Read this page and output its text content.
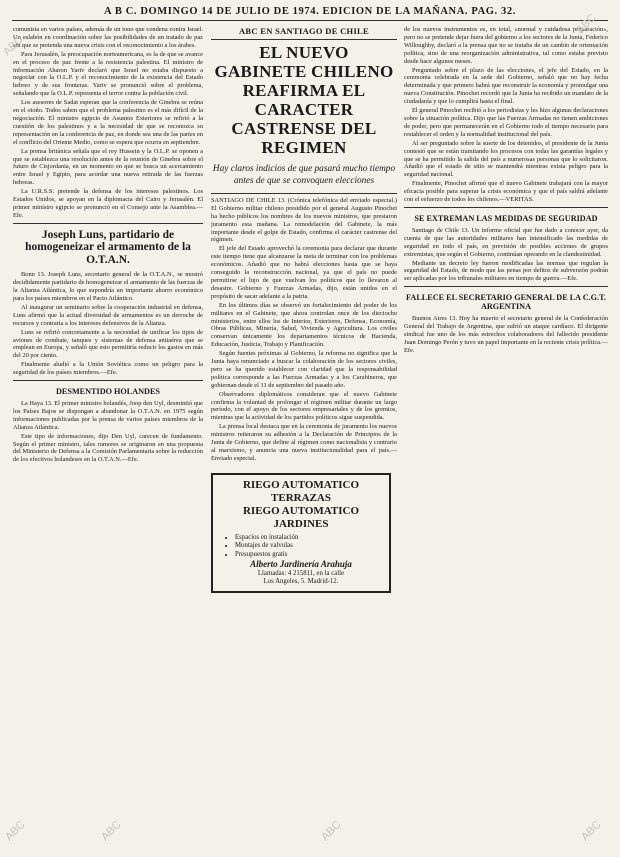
A B C. DOMINGO 14 DE JULIO DE 1974. EDICION DE LA MAÑANA. PAG. 32.

comunista en varios países, además de un tono que condena contra Israel. Un eslabón en coordinación sobre las posibilidades de un tratado de paz sin que se pretenda una nueva crisis con el reconocimiento a los árabes.

Para Jerusalén, la preocupación norteamericana, es la de que se avance en el proceso de paz frente a la resistencia palestina. El ministro de información Aharon Yariv declaró que Israel no estaba dispuesto a negociar con la O.L.P. y el reconocimiento de la existencia del Estado hebreo y de sus fronteras. Yariv se pronunció sobre el problema, señalando que la O.L.P. representa el terror contra la población civil.

Los asesores de Sadat esperan que la conferencia de Ginebra se reúna en el otoño. Todos saben que el problema palestino es el más difícil de la negociación. El ministro egipcio de Asuntos Exteriores se refirió a la cuestión de los palestinos y a la necesidad de que se reconozca su representación en la conferencia de paz, en donde sea una de las partes en el conflicto del Oriente Medio, como se espera que ocurra en septiembre.

La prensa británica señala que el rey Hussein y la O.L.P. se oponen a que se establezca una resolución antes de la reunión de Ginebra sobre el futuro de Cisjordania, en un momento en que se busca un acercamiento entre Israel y Egipto, para acordar una nueva retirada de las fuerzas hebreas.

La U.R.S.S. pretende la defensa de los intereses palestinos. Los Estados Unidos, se apoyan en la diplomacia del Cairo y Jerusalén. El primer ministro egipcio se pronunció en el Consejo ante la Asamblea.—Efe.

Joseph Luns, partidario de homogeneizar el armamento de la O.T.A.N.

Bonn 13. Joseph Luns, secretario general de la O.T.A.N., se mostró decididamente partidario de homogeneizar el armamento de las fuerzas de la Alianza Atlántica, lo que supondría un importante ahorro económico para los países miembros en el Pacto Atlántico.

Al inaugurar un seminario sobre la cooperación industrial en defensa, Luns afirmó que la actual diversidad de armamentos es un derroche de recursos y contraria a los intereses defensivos de la Alianza.

Luns se refirió concretamente a la necesidad de unificar los tipos de aviones de combate, tanques y sistemas de defensa antiaérea que se emplean en Europa, y señaló que esto permitiría reducir los gastos en más del 20 por ciento.

Finalmente aludió a la Unión Soviética como un peligro para la seguridad de los países miembros.—Efe.

DESMENTIDO HOLANDES

La Haya 13. El primer ministro holandés, Joop den Uyl, desmintió que los Países Bajos se dispongan a abandonar la O.T.A.N. en 1975 según informaciones publicadas por la prensa de varios países miembros de la Alianza Atlántica.

Este tipo de informaciones, dijo Den Uyl, carecen de fundamento. Según el primer ministro, tales rumores se originaron en una propuesta del Ministerio de Defensa a la Comisión Parlamentaria sobre la reducción de los efectivos holandeses en la O.T.A.N.—Efe.

ABC EN SANTIAGO DE CHILE
EL NUEVO GABINETE CHILENO REAFIRMA EL CARACTER CASTRENSE DEL REGIMEN
Hay claros indicios de que pasará mucho tiempo antes de que se convoquen elecciones

SANTIAGO DE CHILE 13. (Crónica telefónica del enviado especial.) El Gobierno militar chileno presidido por el general Augusto Pinochet ha hecho públicos los nombres de los nuevos ministros, que prestaron juramento esta mañana. La remodelación del Gabinete, la más importante desde el golpe de Estado, confirma el carácter castrense del régimen.

El jefe del Estado aprovechó la ceremonia para declarar que durante este tiempo tiene que alcanzarse la meta de terminar con los problemas económicos. Añadió que no habrá elecciones hasta que se haya conseguido la reconstrucción nacional, ya que el país no puede permitirse el lujo de que vuelvan los políticos que lo llevaron al desastre. Gobierno y Fuerzas Armadas, dijo, están unidos en el propósito de sacar adelante a la patria.

En los últimos días se observó un fortalecimiento del poder de los militares en el Gabinete, que ahora controlan once de los dieciocho ministerios, entre ellos los de Interior, Exteriores, Defensa, Economía, Obras Públicas, Minería, Salud, Vivienda y Agricultura. Los civiles conservan únicamente los departamentos técnicos de Hacienda, Educación, Justicia, Trabajo y Planificación.

Según fuentes próximas al Gobierno, la reforma no significa que la Junta haya renunciado a buscar la colaboración de los sectores civiles, pero se ha querido establecer con claridad que la responsabilidad política corresponde a las Fuerzas Armadas y a los Carabineros, que gobiernan desde el 11 de septiembre del pasado año.

Observadores diplomáticos consideran que el nuevo Gabinete confirma la voluntad de prolongar el régimen militar durante un largo período, con el apoyo de los sectores empresariales y de los gremios, mientras que la actividad de los partidos políticos sigue suspendida.

La prensa local destaca que en la ceremonia de juramento los nuevos ministros reiteraron su adhesión a la Declaración de Principios de la Junta de Gobierno, que define al régimen como nacionalista y contrario al marxismo, y anuncia una nueva institucionalidad para el país.—Enviado especial.

RIEGO AUTOMATICO TERRAZAS
RIEGO AUTOMATICO JARDINES
• Espacios en instalación
• Montajes de valvulas
• Presupuestos gratis
Alberto Jardinería Arahuja
Llamadas: 4 215811, en la calle
Los Angeles, 5. Madrid-12.

de los nuevos instrumentos es, en total, «normal y cuidadosa preparación», pero no se pretende dejar fuera del gobierno a los sectores de la Junta, Federico Willoughby, declaró a la prensa que no se trataba de un cambio de orientación política, sino de una reorganización administrativa, tal como estaba previsto desde hace algunos meses.

Preguntado sobre el plazo de las elecciones, el jefe del Estado, en la ceremonia celebrada en la sede del Gobierno, señaló que no hay fecha determinada y que primero habrá que reconstruir la economía y promulgar una nueva Constitución. Pinochet recordó que la Junta ha recibido un mandato de la ciudadanía y que lo cumplirá hasta el final.

El general Pinochet recibió a los periodistas y les hizo algunas declaraciones sobre la situación política. Dijo que las Fuerzas Armadas no tienen ambiciones de poder, pero que permanecerán en el Gobierno todo el tiempo necesario para restablecer el orden y la normalidad institucional del país.

Al ser preguntado sobre la suerte de los detenidos, el presidente de la Junta contestó que se están tramitando los procesos con todas las garantías legales y que se ha permitido la salida del país a numerosas personas que lo solicitaron. Añadió que el estado de sitio se mantendrá mientras exista peligro para la seguridad nacional.

Finalmente, Pinochet afirmó que el nuevo Gabinete trabajará con la mayor eficacia posible para superar la crisis económica y que el país saldrá adelante con el esfuerzo de todos los chilenos.—VERITAS.

SE EXTREMAN LAS MEDIDAS DE SEGURIDAD

Santiago de Chile 13. Un informe oficial que fue dado a conocer ayer, da cuenta de que las autoridades militares han intensificado las medidas de seguridad en todo el país, en previsión de posibles acciones de grupos extremistas, que según el Gobierno, continúan operando en la clandestinidad.

Mediante un decreto ley fueron modificadas las normas que regulan la seguridad del Estado, de modo que las penas por delitos de subversión podrán ser aplicadas por los tribunales militares en tiempo de guerra.—Efe.

FALLECE EL SECRETARIO GENERAL DE LA C.G.T. ARGENTINA

Buenos Aires 13. Hoy ha muerto el secretario general de la Confederación General del Trabajo de Argentina, que sufrió un ataque cardíaco. El dirigente sindical fue uno de los más estrechos colaboradores del fallecido presidente Juan Domingo Perón y tuvo un papel importante en la reciente crisis política.—Efe.

ABC
ABC
ABC	ABC	ABC	ABC
